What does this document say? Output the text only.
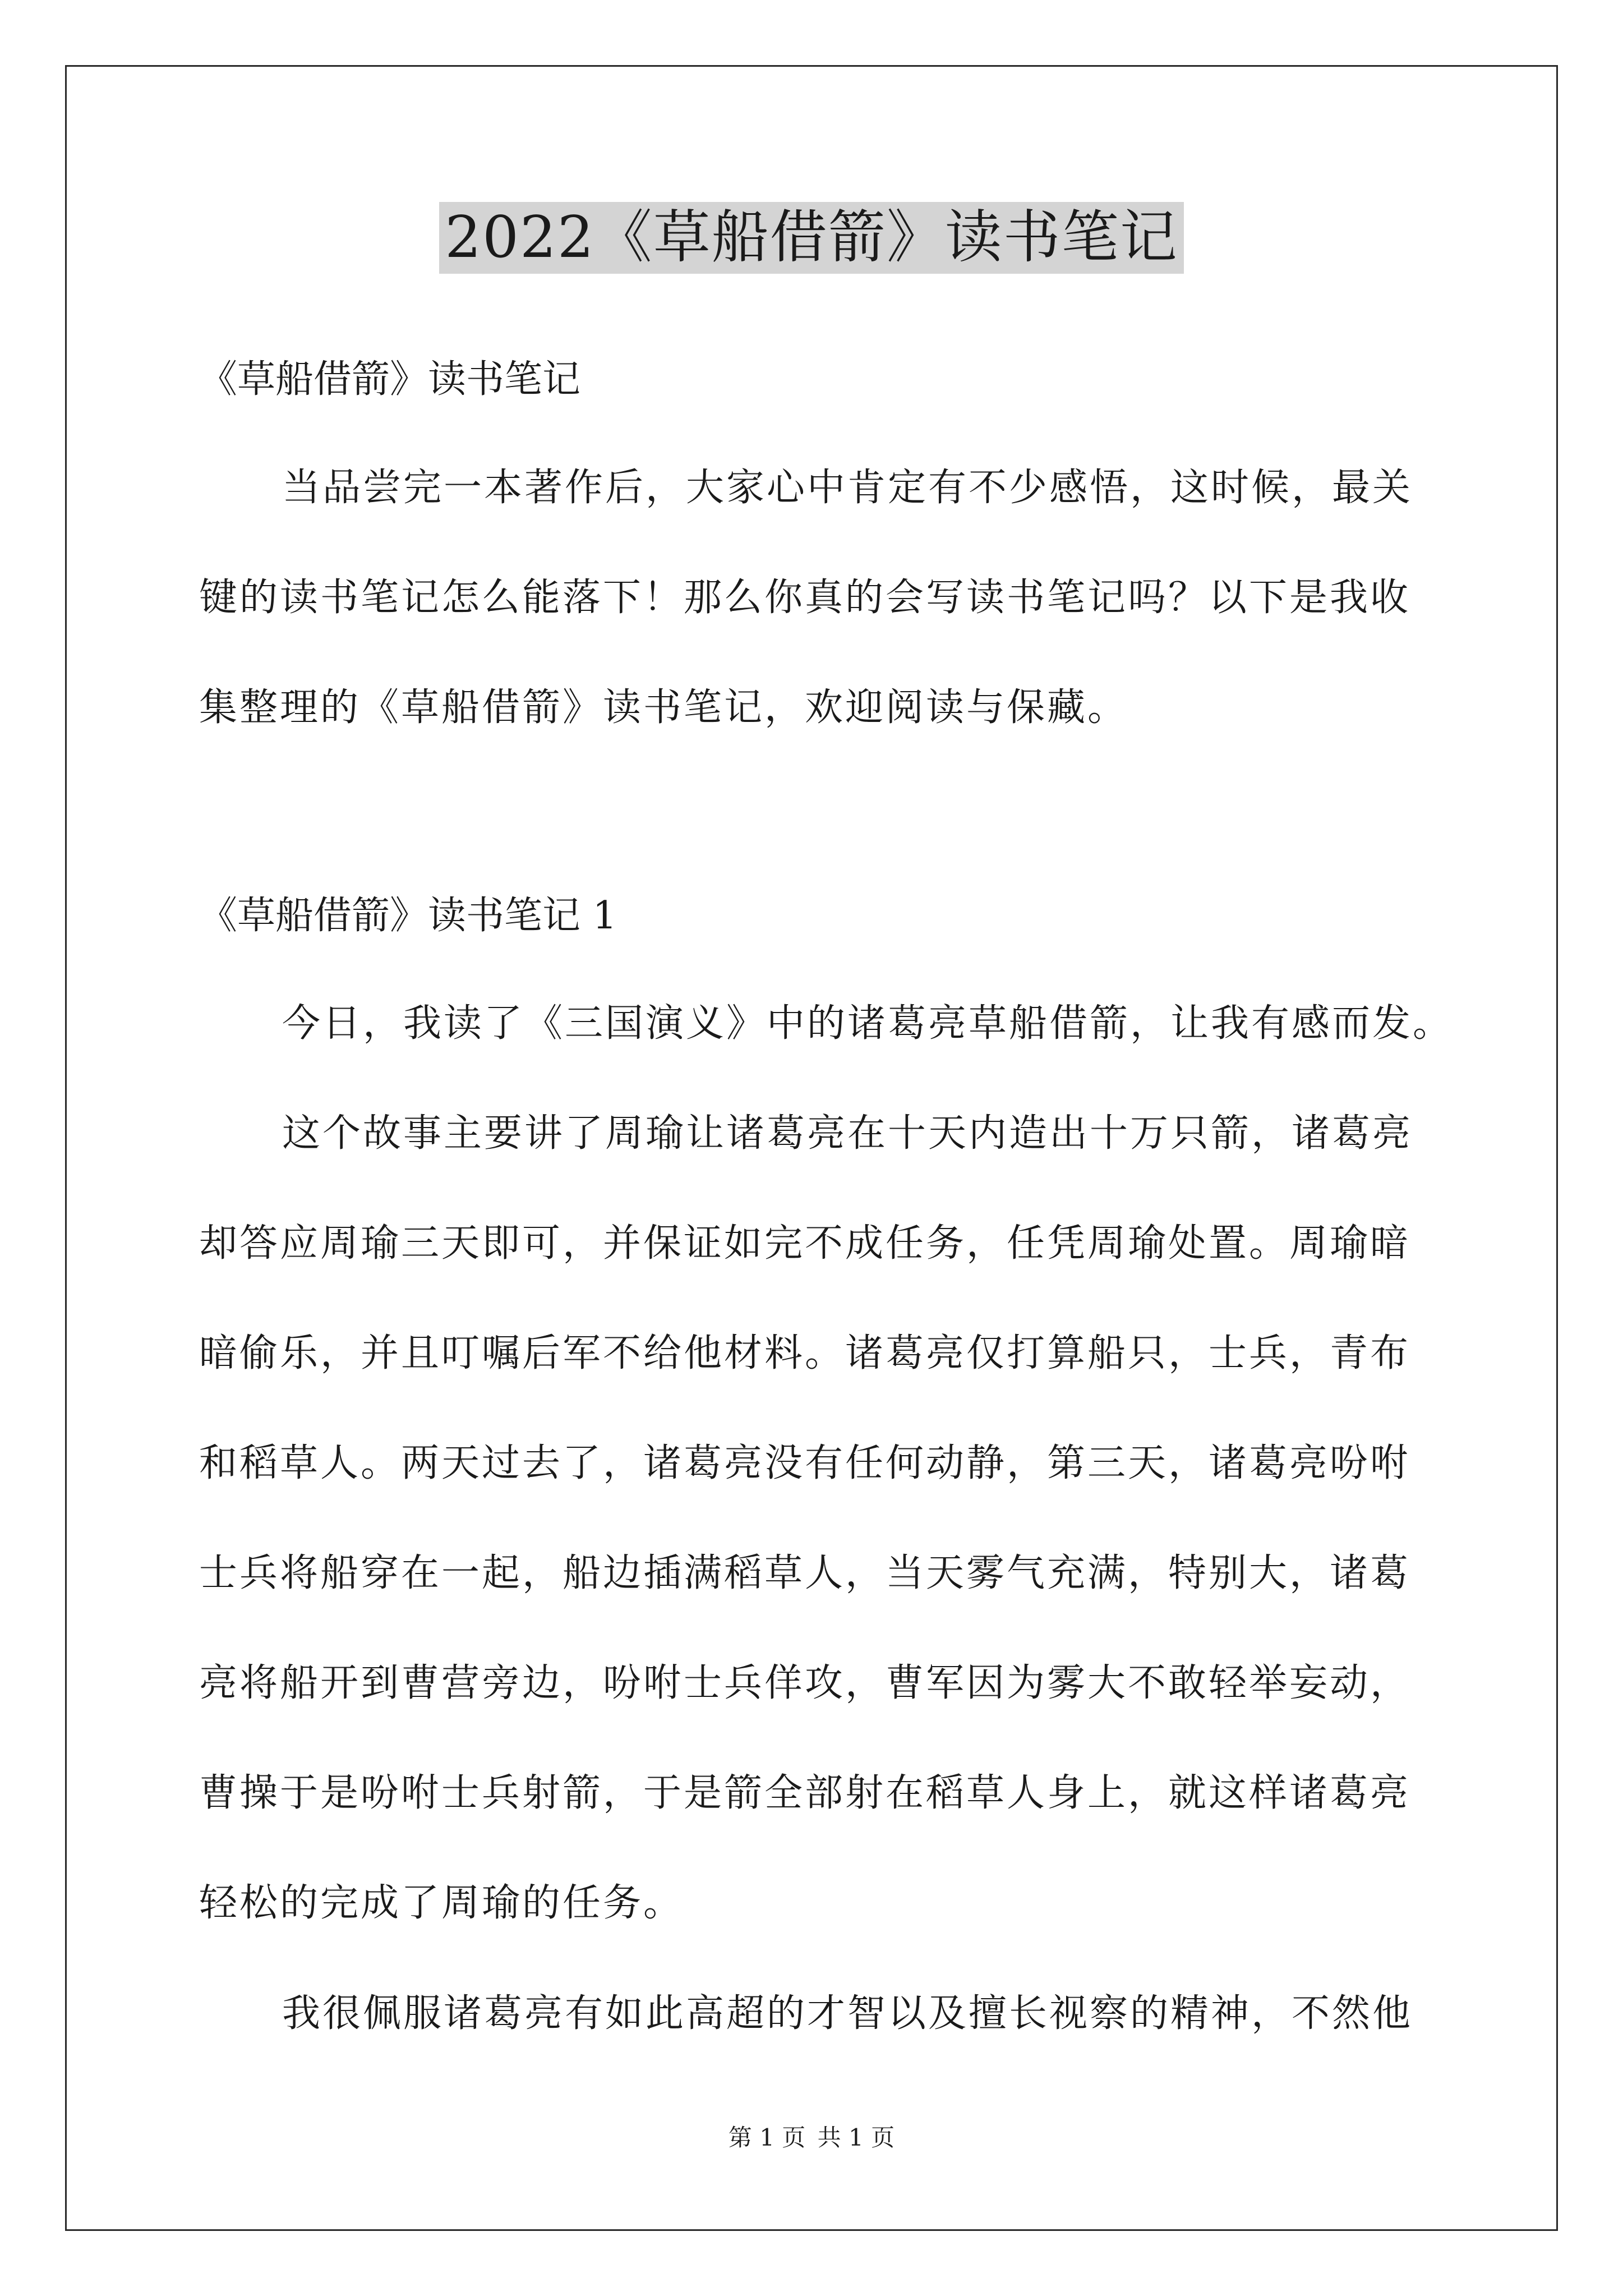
2022《草船借箭》读书笔记
《草船借箭》读书笔记
当品尝完一本著作后，大家心中肯定有不少感悟，这时候，最关
键的读书笔记怎么能落下！那么你真的会写读书笔记吗？以下是我收
集整理的《草船借箭》读书笔记，欢迎阅读与保藏。
《草船借箭》读书笔记 1
今日，我读了《三国演义》中的诸葛亮草船借箭，让我有感而发。
这个故事主要讲了周瑜让诸葛亮在十天内造出十万只箭，诸葛亮
却答应周瑜三天即可，并保证如完不成任务，任凭周瑜处置。周瑜暗
暗偷乐，并且叮嘱后军不给他材料。诸葛亮仅打算船只，士兵，青布
和稻草人。两天过去了，诸葛亮没有任何动静，第三天，诸葛亮吩咐
士兵将船穿在一起，船边插满稻草人，当天雾气充满，特别大，诸葛
亮将船开到曹营旁边，吩咐士兵佯攻，曹军因为雾大不敢轻举妄动，
曹操于是吩咐士兵射箭，于是箭全部射在稻草人身上，就这样诸葛亮
轻松的完成了周瑜的任务。
我很佩服诸葛亮有如此高超的才智以及擅长视察的精神，不然他
第 1 页 共 1 页
